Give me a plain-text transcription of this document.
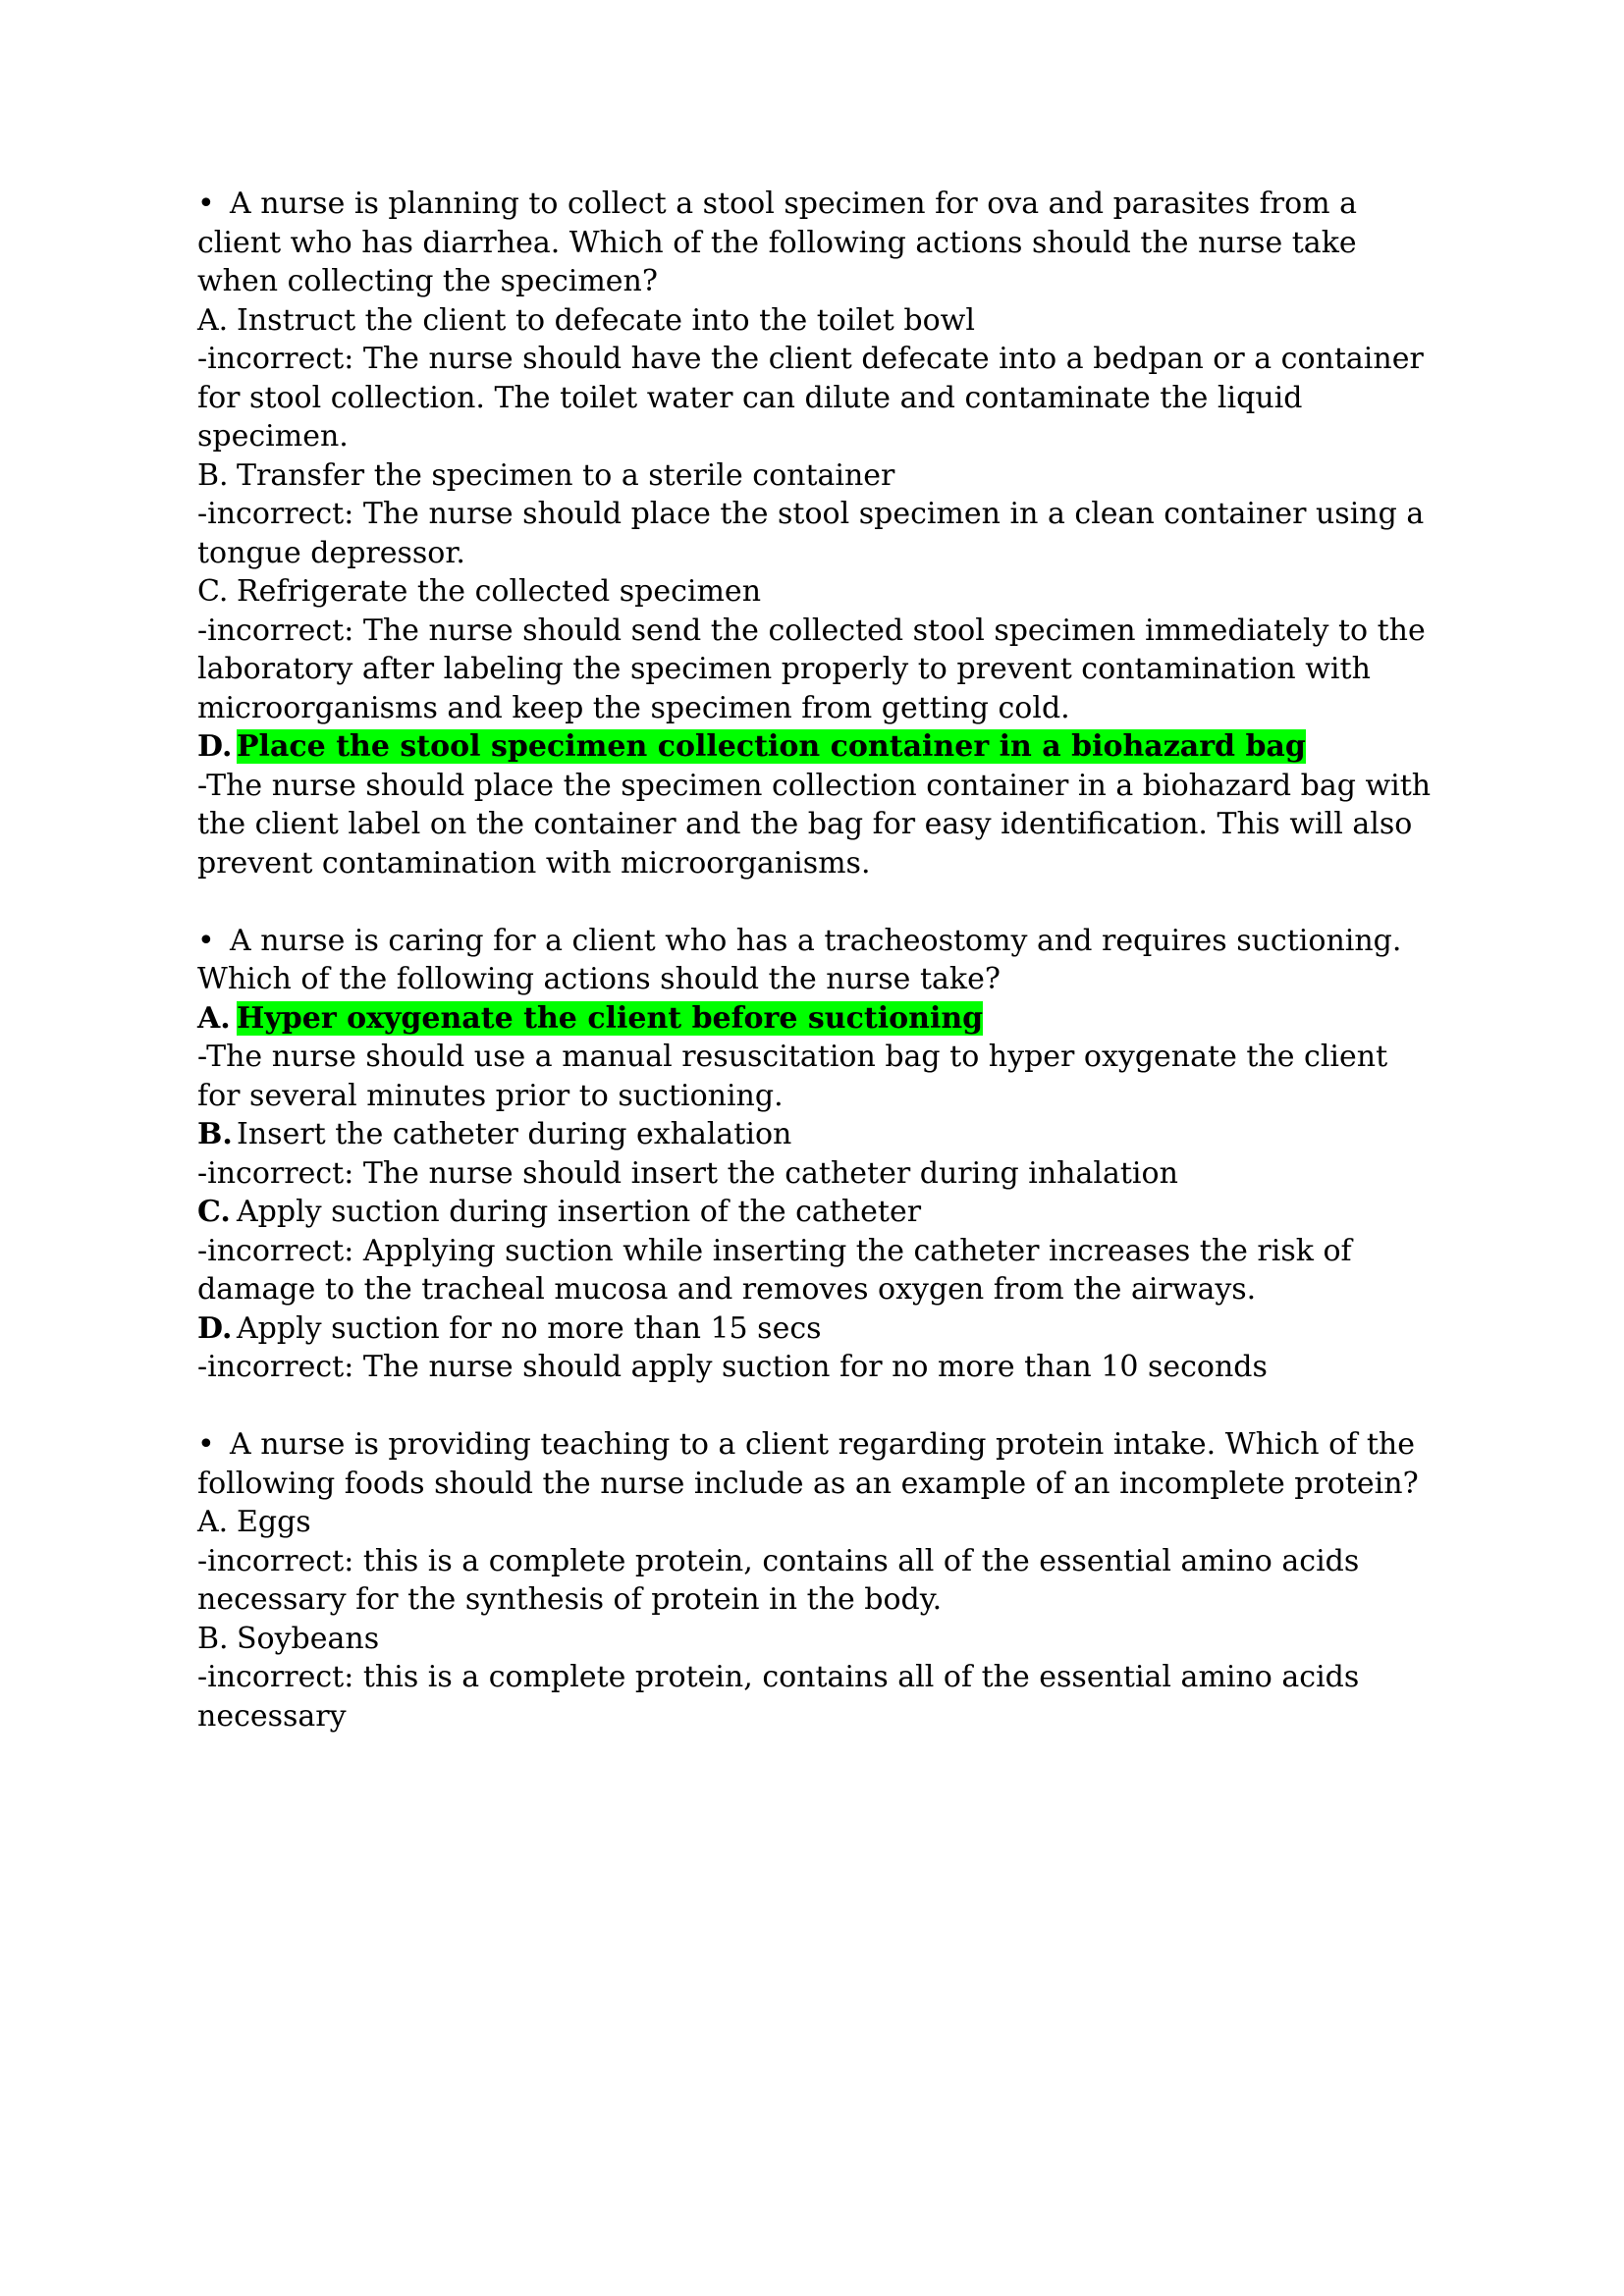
• A nurse is planning to collect a stool specimen for ova and parasites from a client who has diarrhea. Which of the following actions should the nurse take when collecting the specimen?

A. Instruct the client to defecate into the toilet bowl

-incorrect: The nurse should have the client defecate into a bedpan or a container for stool collection. The toilet water can dilute and contaminate the liquid specimen.

B. Transfer the specimen to a sterile container

-incorrect: The nurse should place the stool specimen in a clean container using a tongue depressor.

C. Refrigerate the collected specimen

-incorrect: The nurse should send the collected stool specimen immediately to the laboratory after labeling the specimen properly to prevent contamination with microorganisms and keep the specimen from getting cold.

D. Place the stool specimen collection container in a biohazard bag

-The nurse should place the specimen collection container in a biohazard bag with the client label on the container and the bag for easy identification. This will also prevent contamination with microorganisms.

• A nurse is caring for a client who has a tracheostomy and requires suctioning. Which of the following actions should the nurse take?

A. Hyper oxygenate the client before suctioning

-The nurse should use a manual resuscitation bag to hyper oxygenate the client for several minutes prior to suctioning.

B. Insert the catheter during exhalation

-incorrect: The nurse should insert the catheter during inhalation

C. Apply suction during insertion of the catheter

-incorrect: Applying suction while inserting the catheter increases the risk of damage to the tracheal mucosa and removes oxygen from the airways.

D. Apply suction for no more than 15 secs

-incorrect: The nurse should apply suction for no more than 10 seconds

• A nurse is providing teaching to a client regarding protein intake. Which of the following foods should the nurse include as an example of an incomplete protein?

A. Eggs

-incorrect: this is a complete protein, contains all of the essential amino acids necessary for the synthesis of protein in the body.

B. Soybeans

-incorrect: this is a complete protein, contains all of the essential amino acids necessary
